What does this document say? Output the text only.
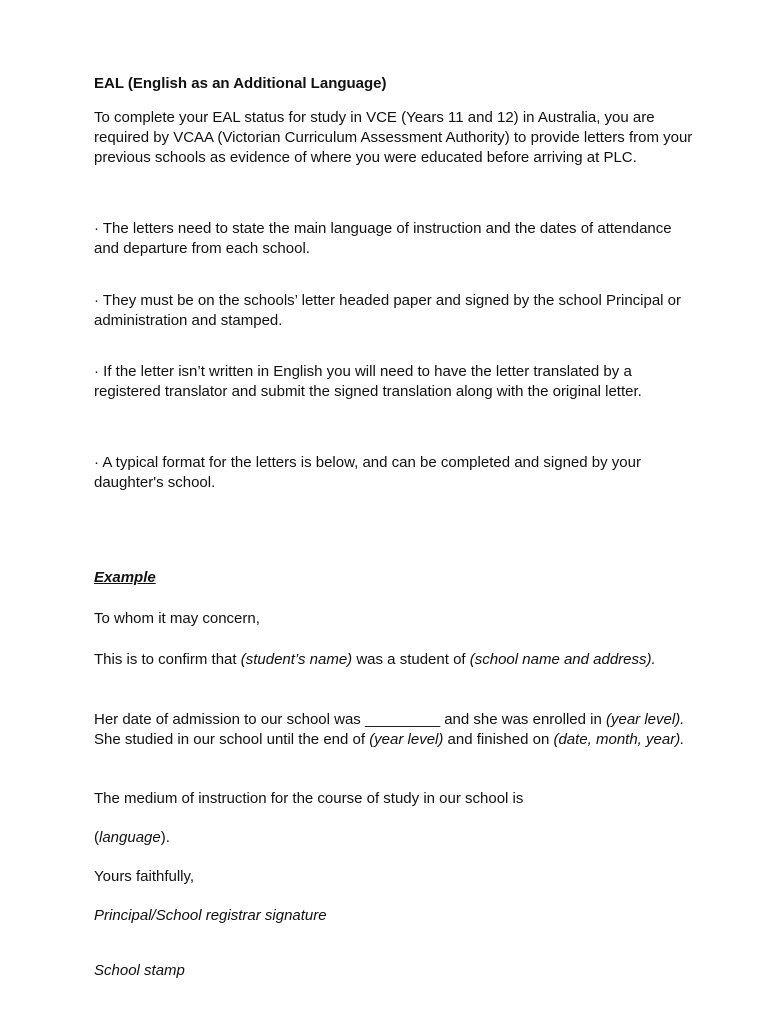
EAL (English as an Additional Language)

To complete your EAL status for study in VCE (Years 11 and 12) in Australia, you are required by VCAA (Victorian Curriculum Assessment Authority) to provide letters from your previous schools as evidence of where you were educated before arriving at PLC.

· The letters need to state the main language of instruction and the dates of attendance and departure from each school.

· They must be on the schools’ letter headed paper and signed by the school Principal or administration and stamped.

· If the letter isn’t written in English you will need to have the letter translated by a registered translator and submit the signed translation along with the original letter.

· A typical format for the letters is below, and can be completed and signed by your daughter's school.

Example

To whom it may concern,

This is to confirm that (student’s name) was a student of (school name and address).

Her date of admission to our school was _________ and she was enrolled in (year level). She studied in our school until the end of (year level) and finished on (date, month, year).

The medium of instruction for the course of study in our school is

(language).

Yours faithfully,

Principal/School registrar signature

School stamp
